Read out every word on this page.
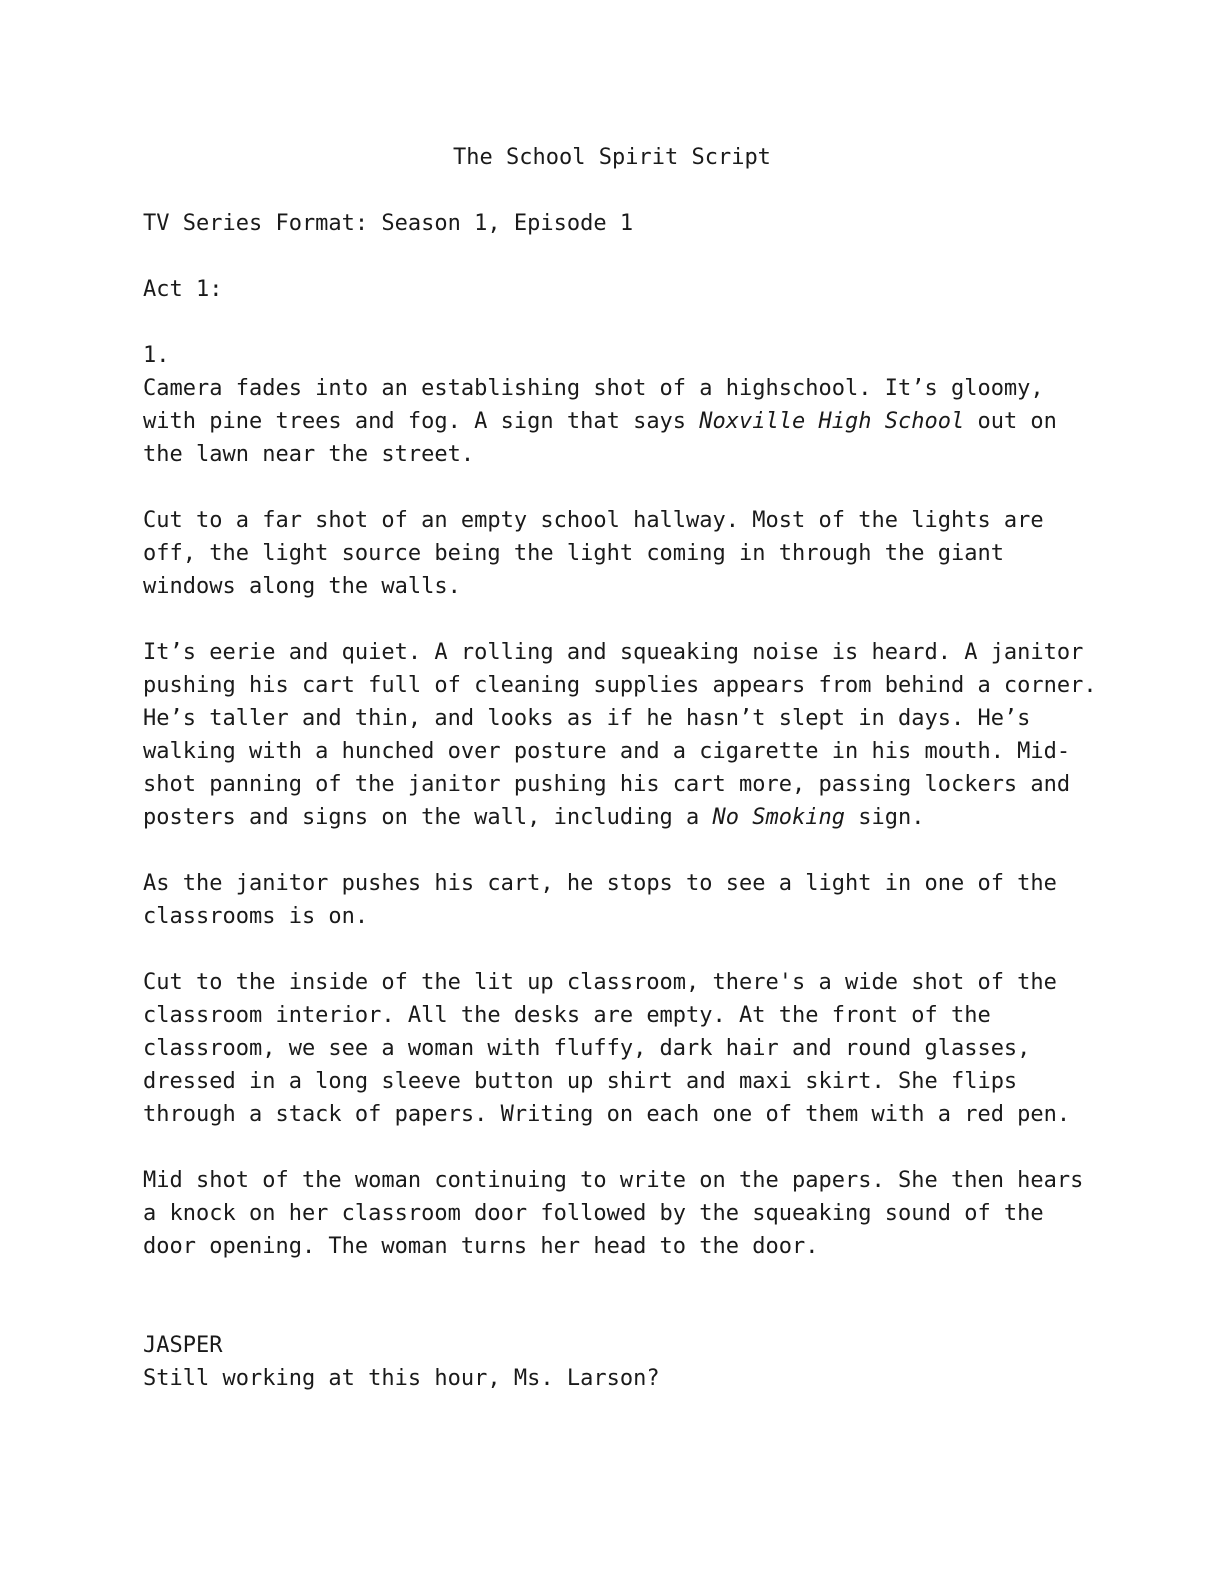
The School Spirit Script

TV Series Format: Season 1, Episode 1

Act 1:

1.

Camera fades into an establishing shot of a highschool. It’s gloomy, with pine trees and fog. A sign that says Noxville High School out on the lawn near the street.

Cut to a far shot of an empty school hallway. Most of the lights are off, the light source being the light coming in through the giant windows along the walls.

It’s eerie and quiet. A rolling and squeaking noise is heard. A janitor pushing his cart full of cleaning supplies appears from behind a corner. He’s taller and thin, and looks as if he hasn’t slept in days. He’s walking with a hunched over posture and a cigarette in his mouth. Mid-shot panning of the janitor pushing his cart more, passing lockers and posters and signs on the wall, including a No Smoking sign.

As the janitor pushes his cart, he stops to see a light in one of the classrooms is on.

Cut to the inside of the lit up classroom, there's a wide shot of the classroom interior. All the desks are empty. At the front of the classroom, we see a woman with fluffy, dark hair and round glasses, dressed in a long sleeve button up shirt and maxi skirt. She flips through a stack of papers. Writing on each one of them with a red pen.

Mid shot of the woman continuing to write on the papers. She then hears a knock on her classroom door followed by the squeaking sound of the door opening. The woman turns her head to the door.

JASPER

Still working at this hour, Ms. Larson?
